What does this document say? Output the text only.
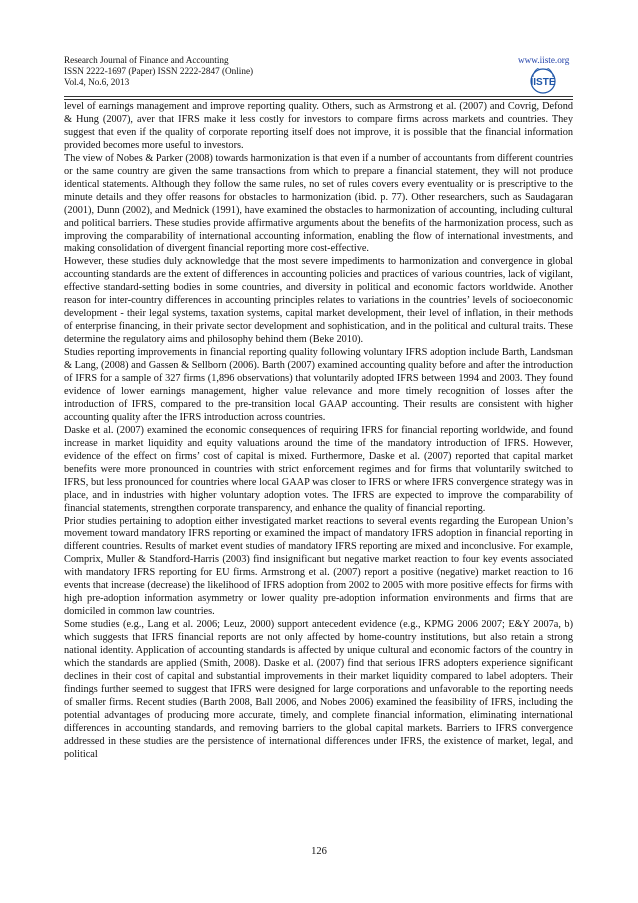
Research Journal of Finance and Accounting
ISSN 2222-1697 (Paper) ISSN 2222-2847 (Online)
Vol.4, No.6, 2013
www.iiste.org
IISTE

level of earnings management and improve reporting quality. Others, such as Armstrong et al. (2007) and Covrig, Defond & Hung (2007), aver that IFRS make it less costly for investors to compare firms across markets and countries. They suggest that even if the quality of corporate reporting itself does not improve, it is possible that the financial information provided becomes more useful to investors.

The view of Nobes & Parker (2008) towards harmonization is that even if a number of accountants from different countries or the same country are given the same transactions from which to prepare a financial statement, they will not produce identical statements. Although they follow the same rules, no set of rules covers every eventuality or is prescriptive to the minute details and they offer reasons for obstacles to harmonization (ibid. p. 77). Other researchers, such as Saudagaran (2001), Dunn (2002), and Mednick (1991), have examined the obstacles to harmonization of accounting, including cultural and political barriers. These studies provide affirmative arguments about the benefits of the harmonization process, such as improving the comparability of international accounting information, enabling the flow of international investments, and making consolidation of divergent financial reporting more cost-effective.

However, these studies duly acknowledge that the most severe impediments to harmonization and convergence in global accounting standards are the extent of differences in accounting policies and practices of various countries, lack of vigilant, effective standard-setting bodies in some countries, and diversity in political and economic factors worldwide. Another reason for inter-country differences in accounting principles relates to variations in the countries’ levels of socioeconomic development - their legal systems, taxation systems, capital market development, their level of inflation, in their methods of enterprise financing, in their private sector development and sophistication, and in the political and cultural traits. These determine the regulatory aims and philosophy behind them (Beke 2010).

Studies reporting improvements in financial reporting quality following voluntary IFRS adoption include Barth, Landsman & Lang, (2008) and Gassen & Sellborn (2006). Barth (2007) examined accounting quality before and after the introduction of IFRS for a sample of 327 firms (1,896 observations) that voluntarily adopted IFRS between 1994 and 2003. They found evidence of lower earnings management, higher value relevance and more timely recognition of losses after the introduction of IFRS, compared to the pre-transition local GAAP accounting. Their results are consistent with higher accounting quality after the IFRS introduction across countries.

Daske et al. (2007) examined the economic consequences of requiring IFRS for financial reporting worldwide, and found increase in market liquidity and equity valuations around the time of the mandatory introduction of IFRS. However, evidence of the effect on firms’ cost of capital is mixed. Furthermore, Daske et al. (2007) reported that capital market benefits were more pronounced in countries with strict enforcement regimes and for firms that voluntarily switched to IFRS, but less pronounced for countries where local GAAP was closer to IFRS or where IFRS convergence strategy was in place, and in industries with higher voluntary adoption votes. The IFRS are expected to improve the comparability of financial statements, strengthen corporate transparency, and enhance the quality of financial reporting.

Prior studies pertaining to adoption either investigated market reactions to several events regarding the European Union’s movement toward mandatory IFRS reporting or examined the impact of mandatory IFRS adoption in financial reporting in different countries. Results of market event studies of mandatory IFRS reporting are mixed and inconclusive. For example, Comprix, Muller & Standford-Harris (2003) find insignificant but negative market reaction to four key events associated with mandatory IFRS reporting for EU firms. Armstrong et al. (2007) report a positive (negative) market reaction to 16 events that increase (decrease) the likelihood of IFRS adoption from 2002 to 2005 with more positive effects for firms with high pre-adoption information asymmetry or lower quality pre-adoption information environments and firms that are domiciled in common law countries.

Some studies (e.g., Lang et al. 2006; Leuz, 2000) support antecedent evidence (e.g., KPMG 2006 2007; E&Y 2007a, b) which suggests that IFRS financial reports are not only affected by home-country institutions, but also retain a strong national identity. Application of accounting standards is affected by unique cultural and economic factors of the country in which the standards are applied (Smith, 2008). Daske et al. (2007) find that serious IFRS adopters experience significant declines in their cost of capital and substantial improvements in their market liquidity compared to label adopters. Their findings further seemed to suggest that IFRS were designed for large corporations and unfavorable to the reporting needs of smaller firms. Recent studies (Barth 2008, Ball 2006, and Nobes 2006) examined the feasibility of IFRS, including the potential advantages of producing more accurate, timely, and complete financial information, eliminating international differences in accounting standards, and removing barriers to the global capital markets. Barriers to IFRS convergence addressed in these studies are the persistence of international differences under IFRS, the existence of market, legal, and political

126
